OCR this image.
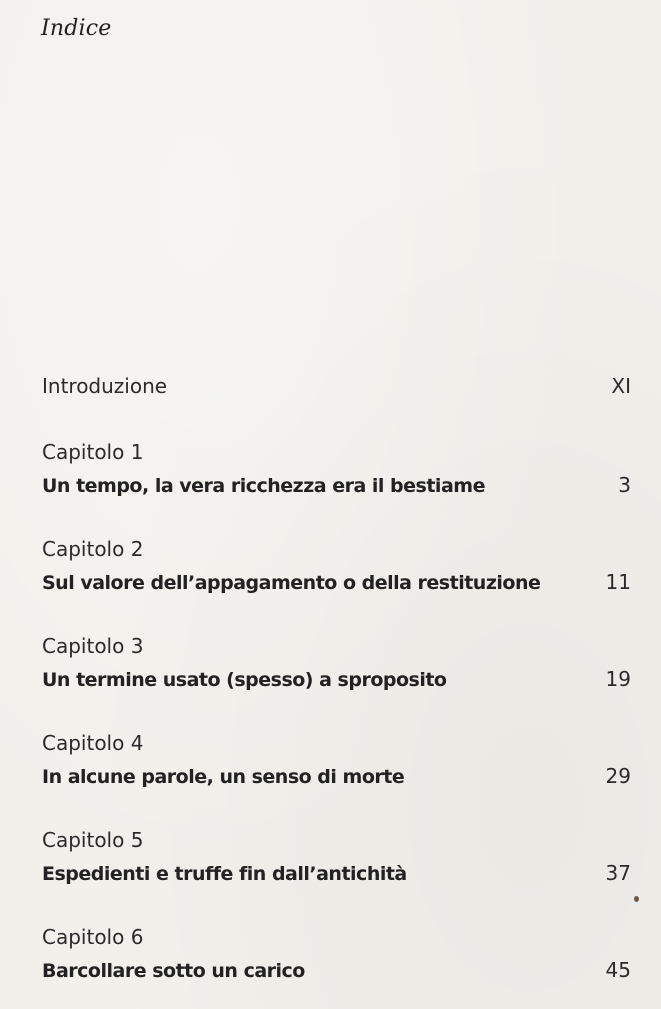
Indice
Introduzione	XI
Capitolo 1
Un tempo, la vera ricchezza era il bestiame	3
Capitolo 2
Sul valore dell’appagamento o della restituzione	11
Capitolo 3
Un termine usato (spesso) a sproposito	19
Capitolo 4
In alcune parole, un senso di morte	29
Capitolo 5
Espedienti e truffe fin dall’antichità	37
Capitolo 6
Barcollare sotto un carico	45
